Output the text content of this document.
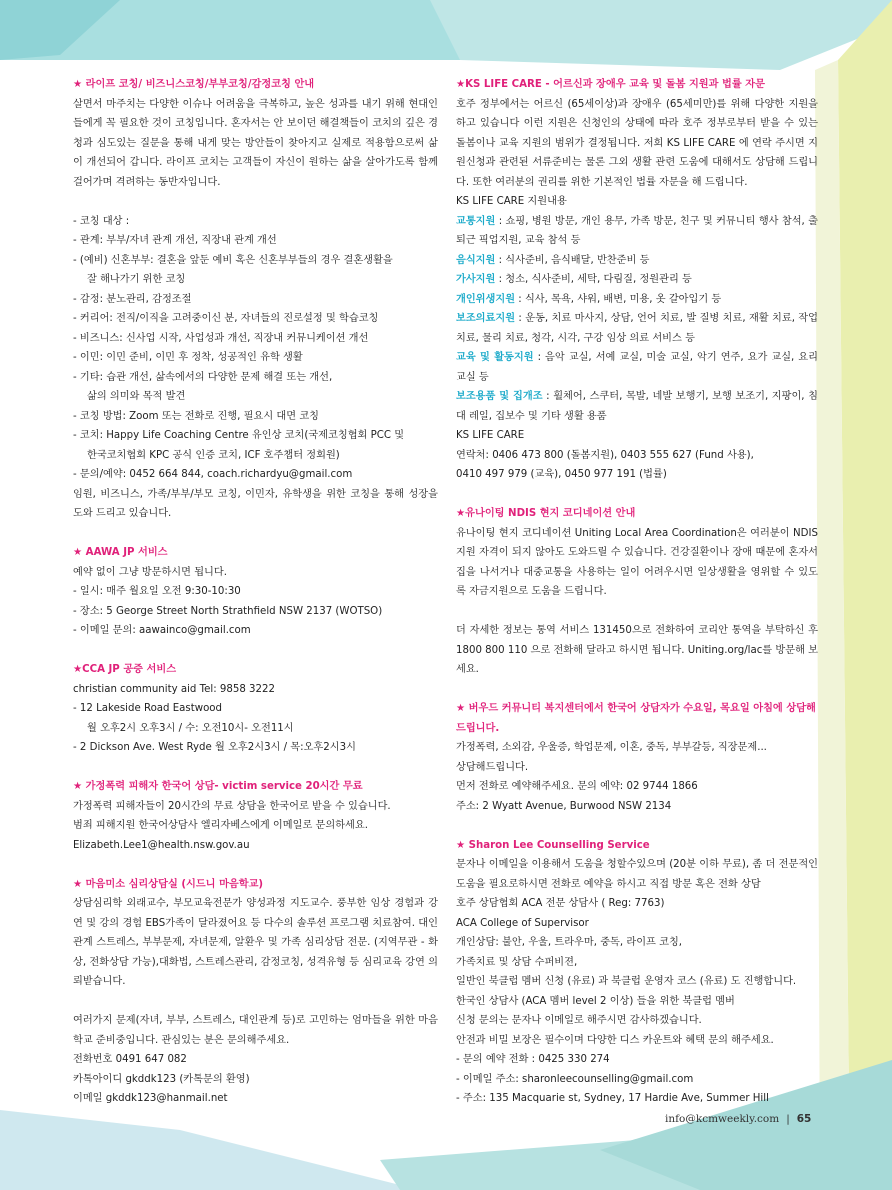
★ 라이프 코칭/ 비즈니스코칭/부부코칭/감정코칭 안내
살면서 마주치는 다양한 이슈나 어려움을 극복하고, 높은 성과를 내기 위해 현대인들에게 꼭 필요한 것이 코칭입니다. 혼자서는 안 보이던 해결책들이 코치의 깊은 경청과 심도있는 질문을 통해 내게 맞는 방안들이 찾아지고 실제로 적용함으로써 삶이 개선되어 갑니다. 라이프 코치는 고객들이 자신이 원하는 삶을 살아가도록 함께 걸어가며 격려하는 동반자입니다.
- 코칭 대상 :
- 관계: 부부/자녀 관계 개선, 직장내 관계 개선
- (예비) 신혼부부: 결혼을 앞둔 예비 혹은 신혼부부들의 경우 결혼생활을
잘 해나가기 위한 코칭
- 감정: 분노관리, 감정조절
- 커리어: 전직/이직을 고려중이신 분, 자녀들의 진로설정 및 학습코칭
- 비즈니스: 신사업 시작, 사업성과 개선, 직장내 커뮤니케이션 개선
- 이민: 이민 준비, 이민 후 정착, 성공적인 유학 생활
- 기타: 습관 개선, 삶속에서의 다양한 문제 해결 또는 개선,
삶의 의미와 목적 발견
- 코칭 방법: Zoom 또는 전화로 진행, 필요시 대면 코칭
- 코치: Happy Life Coaching Centre 유인상 코치(국제코칭협회 PCC 및
한국코치협회 KPC 공식 인증 코치, ICF 호주챕터 정회원)
- 문의/예약: 0452 664 844, coach.richardyu@gmail.com
임원, 비즈니스, 가족/부부/부모 코칭, 이민자, 유학생을 위한 코칭을 통해 성장을 도와 드리고 있습니다.
★ AAWA JP 서비스
예약 없이 그냥 방문하시면 됩니다.
- 일시: 매주 월요일 오전 9:30-10:30
- 장소: 5 George Street North Strathfield NSW 2137 (WOTSO)
- 이메일 문의: aawainco@gmail.com
★CCA JP 공증 서비스
christian community aid Tel: 9858 3222
- 12 Lakeside Road Eastwood
월 오후2시 오후3시 / 수: 오전10시- 오전11시
- 2 Dickson Ave. West Ryde 월 오후2시3시 / 목:오후2시3시
★ 가정폭력 피해자 한국어 상담- victim service 20시간 무료
가정폭력 피해자들이 20시간의 무료 상담을 한국어로 받을 수 있습니다.
범죄 피해지원 한국어상담사 엘리자베스에게 이메일로 문의하세요.
Elizabeth.Lee1@health.nsw.gov.au
★ 마음미소 심리상담실 (시드니 마음학교)
상담심리학 외래교수, 부모교육전문가 양성과정 지도교수. 풍부한 임상 경험과 강연 및 강의 경험 EBS가족이 달라졌어요 등 다수의 솔루션 프로그램 치료참여. 대인관계 스트레스, 부부문제, 자녀문제, 알환우 및 가족 심리상담 전문. (지역무관 - 화상, 전화상담 가능),대화법, 스트레스관리, 감정코칭, 성격유형 등 심리교육 강연 의뢰받습니다.
여러가지 문제(자녀, 부부, 스트레스, 대인관계 등)로 고민하는 엄마들을 위한 마음학교 준비중입니다. 관심있는 분은 문의해주세요.
전화번호 0491 647 082
카톡아이디 gkddk123 (카톡문의 환영)
이메일 gkddk123@hanmail.net
★KS LIFE CARE - 어르신과 장애우 교육 및 돌봄 지원과 법률 자문
호주 정부에서는 어르신 (65세이상)과 장애우 (65세미만)를 위해 다양한 지원을 하고 있습니다 이런 지원은 신청인의 상태에 따라 호주 정부로부터 받을 수 있는 돌봄이나 교육 지원의 범위가 결정됩니다. 저희 KS LIFE CARE 에 연락 주시면 지원신청과 관련된 서류준비는 물론 그외 생활 관련 도움에 대해서도 상담해 드립니다. 또한 여러분의 권리를 위한 기본적인 법률 자문을 해 드립니다.
KS LIFE CARE 지원내용
교통지원 : 쇼핑, 병원 방문, 개인 용무, 가족 방문, 친구 및 커뮤니티 행사 참석, 출퇴근 픽업지원, 교육 참석 등
음식지원 : 식사준비, 음식배달, 반찬준비 등
가사지원 : 청소, 식사준비, 세탁, 다림질, 정원관리 등
개인위생지원 : 식사, 목욕, 샤워, 배변, 미용, 옷 갈아입기 등
보조의료지원 : 운동, 치료 마사지, 상담, 언어 치료, 발 질병 치료, 재활 치료, 작업 치료, 물리 치료, 청각, 시각, 구강 임상 의료 서비스 등
교육 및 활동지원 : 음악 교실, 서예 교실, 미술 교실, 악기 연주, 요가 교실, 요리 교실 등
보조용품 및 집개조 : 휠체어, 스쿠터, 목발, 네발 보행기, 보행 보조기, 지팡이, 침대 레일, 집보수 및 기타 생활 용품
KS LIFE CARE
연락처: 0406 473 800 (돌봄지원), 0403 555 627 (Fund 사용),
0410 497 979 (교육), 0450 977 191 (법률)
★유나이팅 NDIS 현지 코디네이션 안내
유나이팅 현지 코디네이션 Uniting Local Area Coordination은 여러분이 NDIS 지원 자격이 되지 않아도 도와드릴 수 있습니다. 건강질환이나 장애 때문에 혼자서 집을 나서거나 대중교통을 사용하는 일이 어려우시면 일상생활을 영위할 수 있도록 자금지원으로 도움을 드립니다.
더 자세한 정보는 통역 서비스 131450으로 전화하여 코리안 통역을 부탁하신 후 1800 800 110 으로 전화해 달라고 하시면 됩니다. Uniting.org/lac를 방문해 보세요.
★ 버우드 커뮤니티 복지센터에서 한국어 상담자가 수요일, 목요일 아침에 상담해드립니다.
가정폭력, 소외감, 우울증, 학업문제, 이혼, 중독, 부부갈등, 직장문제...
상담해드립니다.
먼저 전화로 예약해주세요. 문의 예약: 02 9744 1866
주소: 2 Wyatt Avenue, Burwood NSW 2134
★ Sharon Lee Counselling Service
문자나 이메일을 이용해서 도움을 청할수있으며 (20분 이하 무료), 좀 더 전문적인 도움을 필요로하시면 전화로 예약을 하시고 직접 방문 혹은 전화 상담
호주 상담협회 ACA 전문 상담사 ( Reg: 7763)
ACA College of Supervisor
개인상담: 불안, 우울, 트라우마, 중독, 라이프 코칭,
가족치료 및 상담 수퍼비젼,
일반인 북클럽 멤버 신청 (유료) 과 북클럽 운영자 코스 (유료) 도 진행합니다.
한국인 상담사 (ACA 멤버 level 2 이상) 들을 위한 북클럽 멤버
신청 문의는 문자나 이메일로 해주시면 감사하겠습니다.
안전과 비밀 보장은 필수이며 다양한 디스 카운트와 혜택 문의 해주세요.
- 문의 예약 전화 : 0425 330 274
- 이메일 주소: sharonleecounselling@gmail.com
- 주소: 135 Macquarie st, Sydney, 17 Hardie Ave, Summer Hill
info@kcmweekly.com | 65
